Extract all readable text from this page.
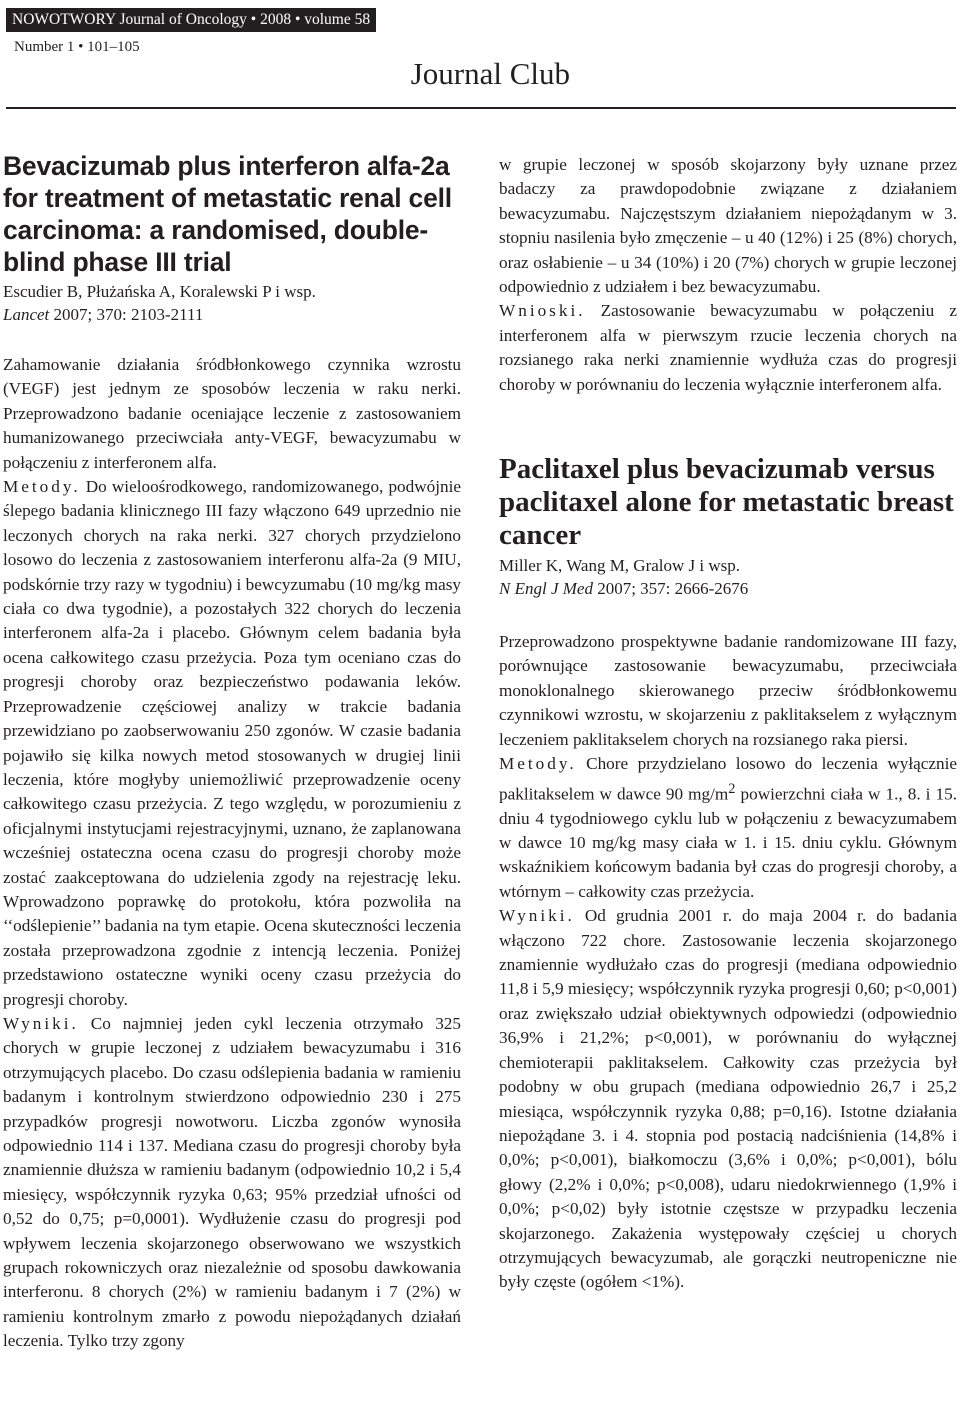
NOWOTWORY Journal of Oncology • 2008 • volume 58
Number 1 • 101–105
Journal Club
Bevacizumab plus interferon alfa-2a
for treatment of metastatic renal cell
carcinoma: a randomised, double-
blind phase III trial

Escudier B, Płużańska A, Koralewski P i wsp.

Lancet 2007; 370: 2103-2111

Zahamowanie działania śródbłonkowego czynnika wzrostu (VEGF) jest jednym ze sposobów leczenia w raku nerki. Przeprowadzono badanie oceniające leczenie z zastosowaniem humanizowanego przeciwciała anty-VEGF, bewacyzumabu w połączeniu z interferonem alfa.

Metody. Do wieloośrodkowego, randomizowanego, podwójnie ślepego badania klinicznego III fazy włączono 649 uprzednio nie leczonych chorych na raka nerki. 327 chorych przydzielono losowo do leczenia z zastosowaniem interferonu alfa-2a (9 MIU, podskórnie trzy razy w tygodniu) i bewcyzumabu (10 mg/kg masy ciała co dwa tygodnie), a pozostałych 322 chorych do leczenia interferonem alfa-2a i placebo. Głównym celem badania była ocena całkowitego czasu przeżycia. Poza tym oceniano czas do progresji choroby oraz bezpieczeństwo podawania leków. Przeprowadzenie częściowej analizy w trakcie badania przewidziano po zaobserwowaniu 250 zgonów. W czasie badania pojawiło się kilka nowych metod stosowanych w drugiej linii leczenia, które mogłyby uniemożliwić przeprowadzenie oceny całkowitego czasu przeżycia. Z tego względu, w porozumieniu z oficjalnymi instytucjami rejestracyjnymi, uznano, że zaplanowana wcześniej ostateczna ocena czasu do progresji choroby może zostać zaakceptowana do udzielenia zgody na rejestrację leku. Wprowadzono poprawkę do protokołu, która pozwoliła na ‘‘odślepienie’’ badania na tym etapie. Ocena skuteczności leczenia została przeprowadzona zgodnie z intencją leczenia. Poniżej przedstawiono ostateczne wyniki oceny czasu przeżycia do progresji choroby.

Wyniki. Co najmniej jeden cykl leczenia otrzymało 325 chorych w grupie leczonej z udziałem bewacyzumabu i 316 otrzymujących placebo. Do czasu odślepienia badania w ramieniu badanym i kontrolnym stwierdzono odpowiednio 230 i 275 przypadków progresji nowotworu. Liczba zgonów wynosiła odpowiednio 114 i 137. Mediana czasu do progresji choroby była znamiennie dłuższa w ramieniu badanym (odpowiednio 10,2 i 5,4 miesięcy, współczynnik ryzyka 0,63; 95% przedział ufności od 0,52 do 0,75; p=0,0001). Wydłużenie czasu do progresji pod wpływem leczenia skojarzonego obserwowano we wszystkich grupach rokowniczych oraz niezależnie od sposobu dawkowania interferonu. 8 chorych (2%) w ramieniu badanym i 7 (2%) w ramieniu kontrolnym zmarło z powodu niepożądanych działań leczenia. Tylko trzy zgony

w grupie leczonej w sposób skojarzony były uznane przez badaczy za prawdopodobnie związane z działaniem bewacyzumabu. Najczęstszym działaniem niepożądanym w 3. stopniu nasilenia było zmęczenie – u 40 (12%) i 25 (8%) chorych, oraz osłabienie – u 34 (10%) i 20 (7%) chorych w grupie leczonej odpowiednio z udziałem i bez bewacyzumabu.

Wnioski. Zastosowanie bewacyzumabu w połączeniu z interferonem alfa w pierwszym rzucie leczenia chorych na rozsianego raka nerki znamiennie wydłuża czas do progresji choroby w porównaniu do leczenia wyłącznie interferonem alfa.

Paclitaxel plus bevacizumab versus
paclitaxel alone for metastatic breast
cancer

Miller K, Wang M, Gralow J i wsp.

N Engl J Med 2007; 357: 2666-2676

Przeprowadzono prospektywne badanie randomizowane III fazy, porównujące zastosowanie bewacyzumabu, przeciwciała monoklonalnego skierowanego przeciw śródbłonkowemu czynnikowi wzrostu, w skojarzeniu z paklitakselem z wyłącznym leczeniem paklitakselem chorych na rozsianego raka piersi.

Metody. Chore przydzielano losowo do leczenia wyłącznie paklitakselem w dawce 90 $mg/m^2$ powierzchni ciała w 1., 8. i 15. dniu 4 tygodniowego cyklu lub w połączeniu z bewacyzumabem w dawce 10 mg/kg masy ciała w 1. i 15. dniu cyklu. Głównym wskaźnikiem końcowym badania był czas do progresji choroby, a wtórnym – całkowity czas przeżycia.

Wyniki. Od grudnia 2001 r. do maja 2004 r. do badania włączono 722 chore. Zastosowanie leczenia skojarzonego znamiennie wydłużało czas do progresji (mediana odpowiednio 11,8 i 5,9 miesięcy; współczynnik ryzyka progresji 0,60; p<0,001) oraz zwiększało udział obiektywnych odpowiedzi (odpowiednio 36,9% i 21,2%; p<0,001), w porównaniu do wyłącznej chemioterapii paklitakselem. Całkowity czas przeżycia był podobny w obu grupach (mediana odpowiednio 26,7 i 25,2 miesiąca, współczynnik ryzyka 0,88; p=0,16). Istotne działania niepożądane 3. i 4. stopnia pod postacią nadciśnienia (14,8% i 0,0%; p<0,001), białkomoczu (3,6% i 0,0%; p<0,001), bólu głowy (2,2% i 0,0%; p<0,008), udaru niedokrwiennego (1,9% i 0,0%; p<0,02) były istotnie częstsze w przypadku leczenia skojarzonego. Zakażenia występowały częściej u chorych otrzymujących bewacyzumab, ale gorączki neutropeniczne nie były częste (ogółem <1%).
